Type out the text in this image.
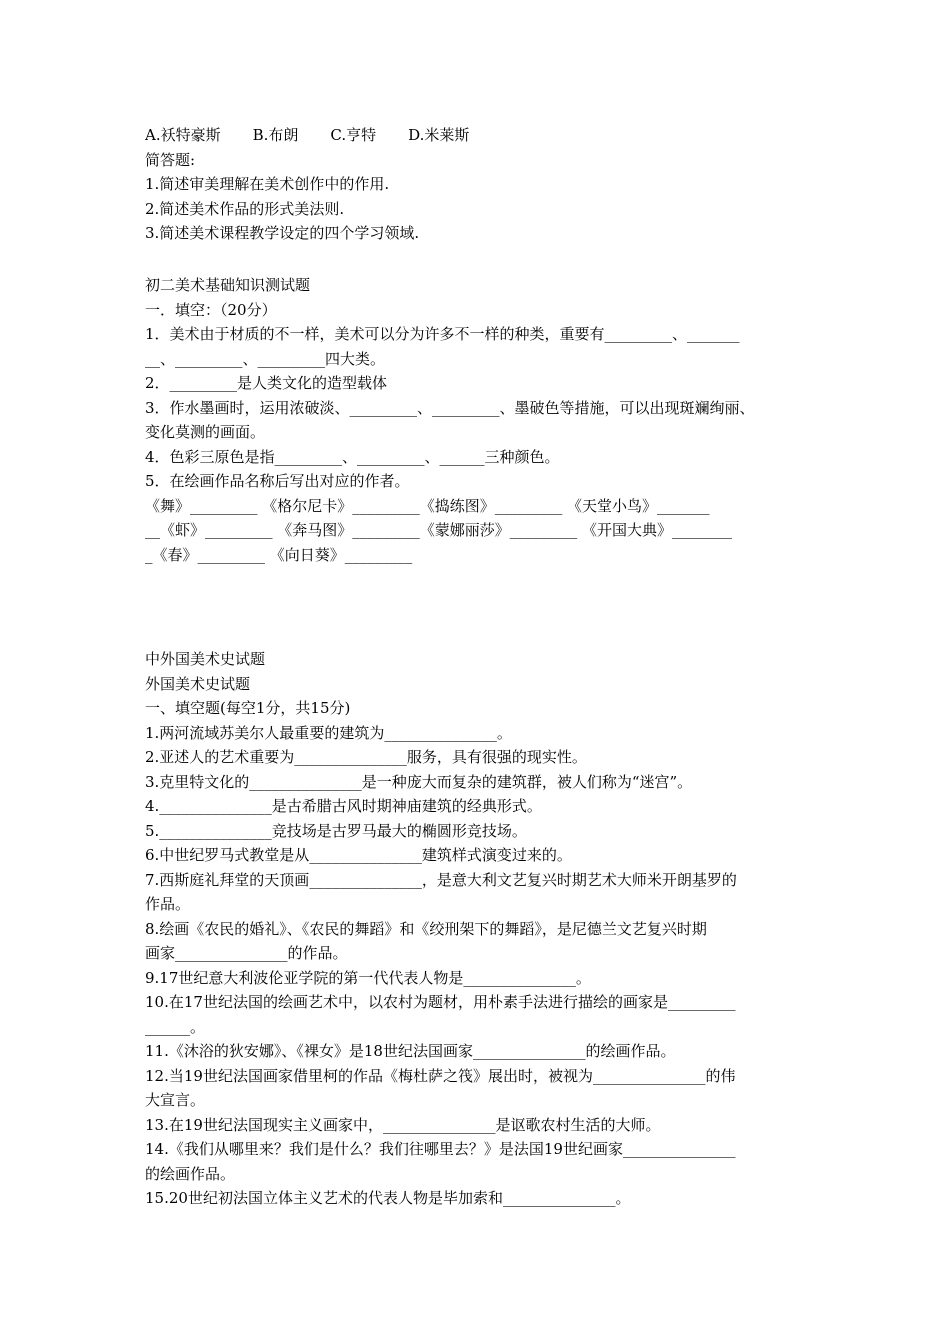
A.袄特豪斯 B.布朗 C.亨特 D.米莱斯
简答题:
1.简述审美理解在美术创作中的作用.
2.简述美术作品的形式美法则.
3.简述美术课程教学设定的四个学习领域.
初二美术基础知识测试题
一．填空：（20分）
1．美术由于材质的不一样，美术可以分为许多不一样的种类，重要有_________、_______
__、_________、_________四大类。
2．_________是人类文化的造型载体
3．作水墨画时，运用浓破淡、_________、_________、墨破色等措施，可以出现斑斓绚丽、
变化莫测的画面。
4．色彩三原色是指_________、_________、______三种颜色。
5．在绘画作品名称后写出对应的作者。
《舞》_________ 《格尔尼卡》_________《捣练图》_________ 《天堂小鸟》_______
__《虾》_________ 《奔马图》_________《蒙娜丽莎》_________ 《开国大典》________
_《春》_________ 《向日葵》_________
中外国美术史试题
外国美术史试题
一、填空题(每空1分，共15分)
1.两河流域苏美尔人最重要的建筑为_______________。
2.亚述人的艺术重要为_______________服务，具有很强的现实性。
3.克里特文化的_______________是一种庞大而复杂的建筑群，被人们称为“迷宫”。
4._______________是古希腊古风时期神庙建筑的经典形式。
5._______________竞技场是古罗马最大的椭圆形竞技场。
6.中世纪罗马式教堂是从_______________建筑样式演变过来的。
7.西斯庭礼拜堂的天顶画_______________，是意大利文艺复兴时期艺术大师米开朗基罗的
作品。
8.绘画《农民的婚礼》、《农民的舞蹈》和《绞刑架下的舞蹈》，是尼德兰文艺复兴时期
画家_______________的作品。
9.17世纪意大利波伦亚学院的第一代代表人物是_______________。
10.在17世纪法国的绘画艺术中，以农村为题材，用朴素手法进行描绘的画家是_________
______。
11.《沐浴的狄安娜》、《裸女》是18世纪法国画家_______________的绘画作品。
12.当19世纪法国画家借里柯的作品《梅杜萨之筏》展出时，被视为_______________的伟
大宣言。
13.在19世纪法国现实主义画家中，_______________是讴歌农村生活的大师。
14.《我们从哪里来？我们是什么？我们往哪里去？》是法国19世纪画家_______________
的绘画作品。
15.20世纪初法国立体主义艺术的代表人物是毕加索和_______________。
